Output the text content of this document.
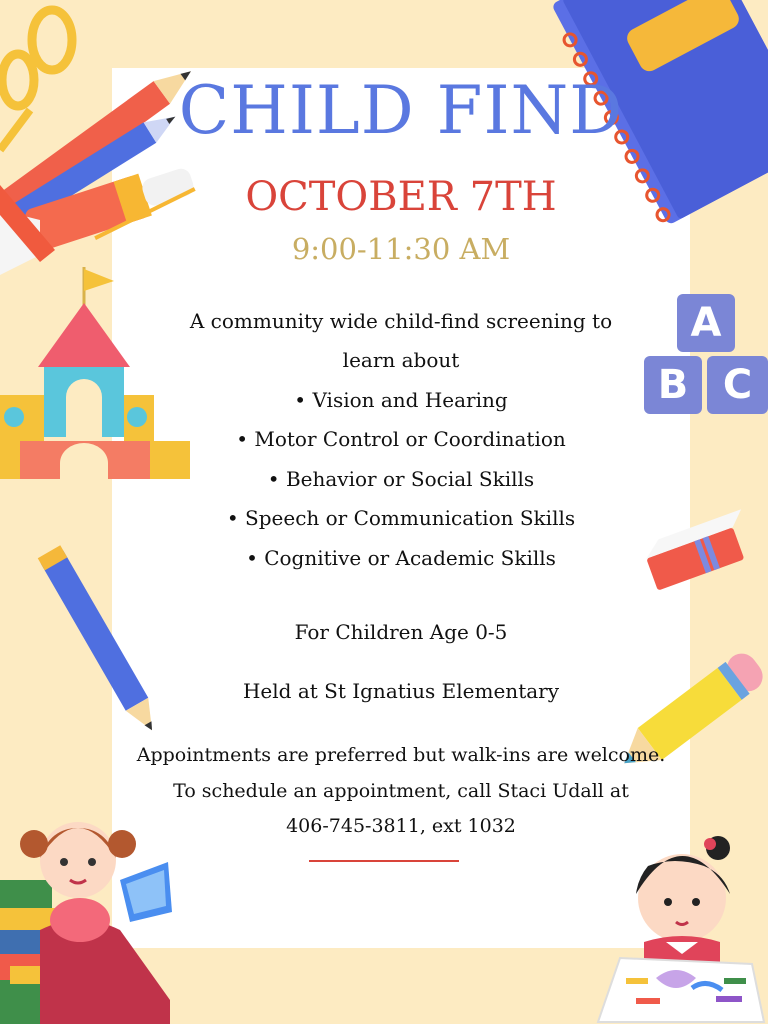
A
B C
CHILD FIND
OCTOBER 7TH
9:00-11:30 AM
A community wide child-find screening to
learn about
• Vision and Hearing
• Motor Control or Coordination
• Behavior or Social Skills
• Speech or Communication Skills
• Cognitive or Academic Skills
For Children Age 0-5
Held at St Ignatius Elementary
Appointments are preferred but walk-ins are welcome.
To schedule an appointment, call Staci Udall at
406-745-3811, ext 1032
